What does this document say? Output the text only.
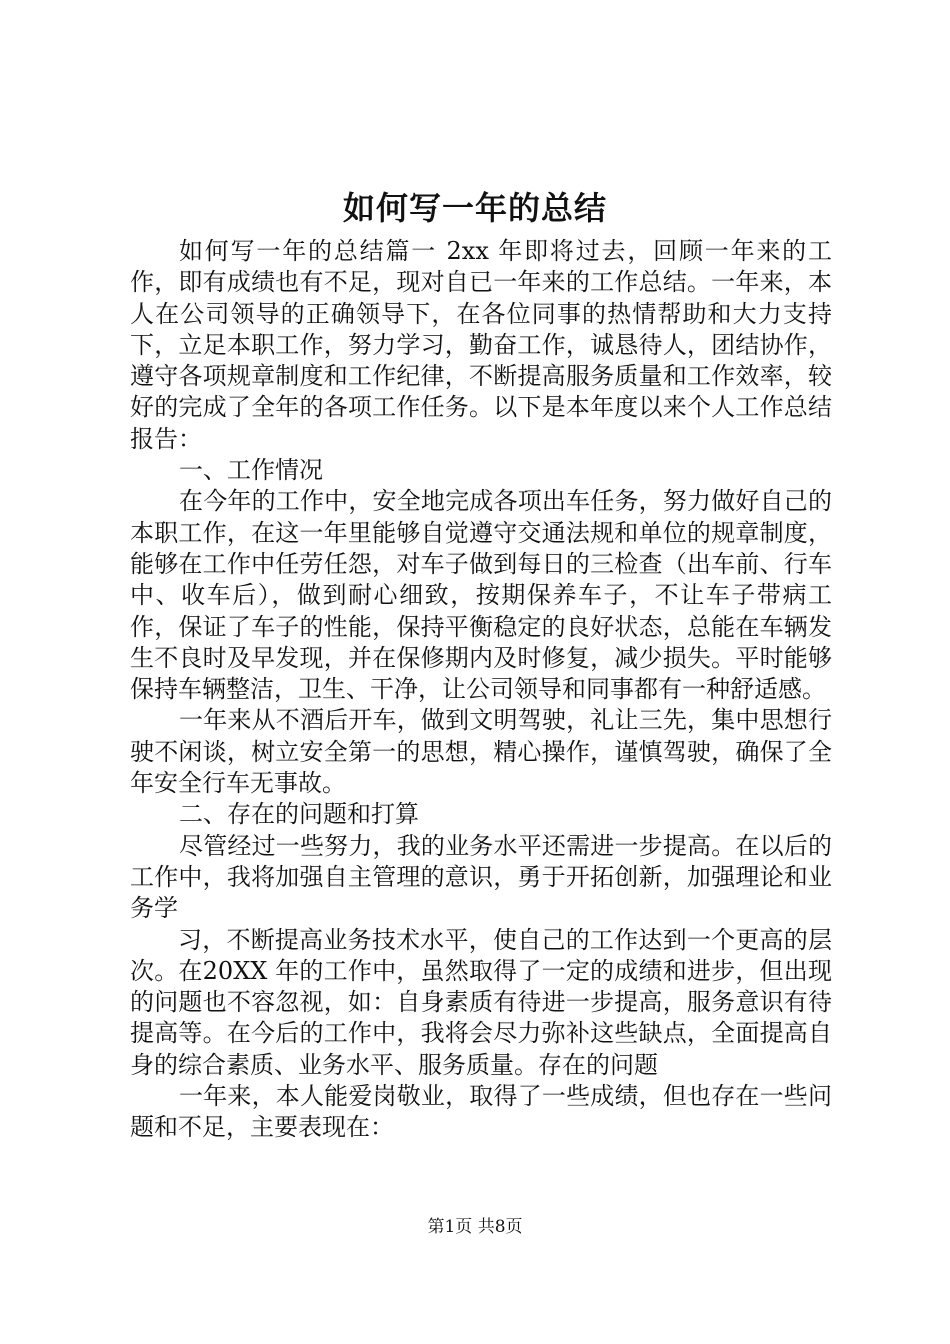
如何写一年的总结

如何写一年的总结篇一 2xx 年即将过去，回顾一年来的工作，即有成绩也有不足，现对自已一年来的工作总结。一年来，本人在公司领导的正确领导下，在各位同事的热情帮助和大力支持下，立足本职工作，努力学习，勤奋工作，诚恳待人，团结协作，遵守各项规章制度和工作纪律，不断提高服务质量和工作效率，较好的完成了全年的各项工作任务。以下是本年度以来个人工作总结报告：

一、工作情况

在今年的工作中，安全地完成各项出车任务，努力做好自己的本职工作，在这一年里能够自觉遵守交通法规和单位的规章制度，能够在工作中任劳任怨，对车子做到每日的三检查（出车前、行车中、收车后），做到耐心细致，按期保养车子，不让车子带病工作，保证了车子的性能，保持平衡稳定的良好状态，总能在车辆发生不良时及早发现，并在保修期内及时修复，减少损失。平时能够保持车辆整洁，卫生、干净，让公司领导和同事都有一种舒适感。

一年来从不酒后开车，做到文明驾驶，礼让三先，集中思想行驶不闲谈，树立安全第一的思想，精心操作，谨慎驾驶，确保了全年安全行车无事故。

二、存在的问题和打算

尽管经过一些努力，我的业务水平还需进一步提高。在以后的工作中，我将加强自主管理的意识，勇于开拓创新，加强理论和业务学

习，不断提高业务技术水平，使自己的工作达到一个更高的层次。在20XX 年的工作中，虽然取得了一定的成绩和进步，但出现的问题也不容忽视，如：自身素质有待进一步提高，服务意识有待提高等。在今后的工作中，我将会尽力弥补这些缺点，全面提高自身的综合素质、业务水平、服务质量。存在的问题

一年来，本人能爱岗敬业，取得了一些成绩，但也存在一些问题和不足，主要表现在：

第1页 共8页
